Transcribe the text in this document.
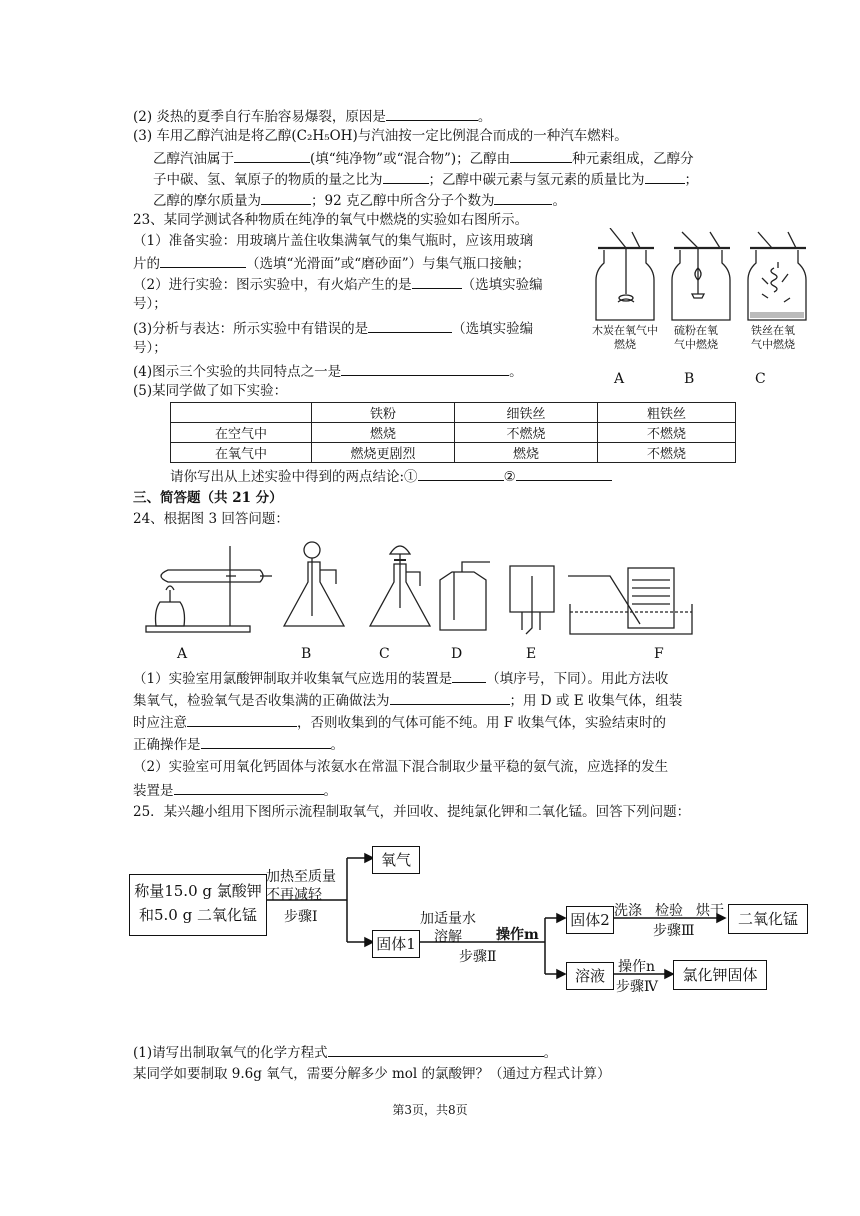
(2) 炎热的夏季自行车胎容易爆裂，原因是	。
(3) 车用乙醇汽油是将乙醇(C₂H₅OH)与汽油按一定比例混合而成的一种汽车燃料。
乙醇汽油属于	(填“纯净物”或“混合物”)；乙醇由	种元素组成，乙醇分
子中碳、氢、氧原子的物质的量之比为	；乙醇中碳元素与氢元素的质量比为	；
乙醇的摩尔质量为	；92 克乙醇中所含分子个数为	。
23、某同学测试各种物质在纯净的氧气中燃烧的实验如右图所示。
（1）准备实验：用玻璃片盖住收集满氧气的集气瓶时，应该用玻璃
片的	（选填“光滑面”或“磨砂面”）与集气瓶口接触；
（2）进行实验：图示实验中，有火焰产生的是	（选填实验编
号）；
(3)分析与表达：所示实验中有错误的是	（选填实验编
号）；
(4)图示三个实验的共同特点之一是	。
(5)某同学做了如下实验：
木炭在氧气中燃烧
硫粉在氧气中燃烧
铁丝在氧气中燃烧
A	B	C
	铁粉	细铁丝	粗铁丝
在空气中	燃烧	不燃烧	不燃烧
在氧气中	燃烧更剧烈	燃烧	不燃烧
请你写出从上述实验中得到的两点结论:①	②
三、简答题（共 21 分）
24、根据图 3 回答问题：
A	B	C	D	E	F
（1）实验室用氯酸钾制取并收集氧气应选用的装置是	（填序号，下同）。用此方法收
集氧气，检验氧气是否收集满的正确做法为	；用 D 或 E 收集气体，组装
时应注意	，否则收集到的气体可能不纯。用 F 收集气体，实验结束时的
正确操作是	。
（2）实验室可用氧化钙固体与浓氨水在常温下混合制取少量平稳的氨气流，应选择的发生
装置是	。
25．某兴趣小组用下图所示流程制取氧气，并回收、提纯氯化钾和二氧化锰。回答下列问题：
称量15.0 g 氯酸钾
和5.0 g 二氧化锰
加热至质量
不再减轻
步骤Ⅰ
氧气
固体1
加适量水
溶解
步骤Ⅱ
操作m
固体2 洗涤 检验 烘干
步骤Ⅲ
二氧化锰
溶液 操作n
步骤Ⅳ
氯化钾固体
(1)请写出制取氧气的化学方程式	。
某同学如要制取 9.6g 氧气，需要分解多少 mol 的氯酸钾？（通过方程式计算）
第3页，共8页
